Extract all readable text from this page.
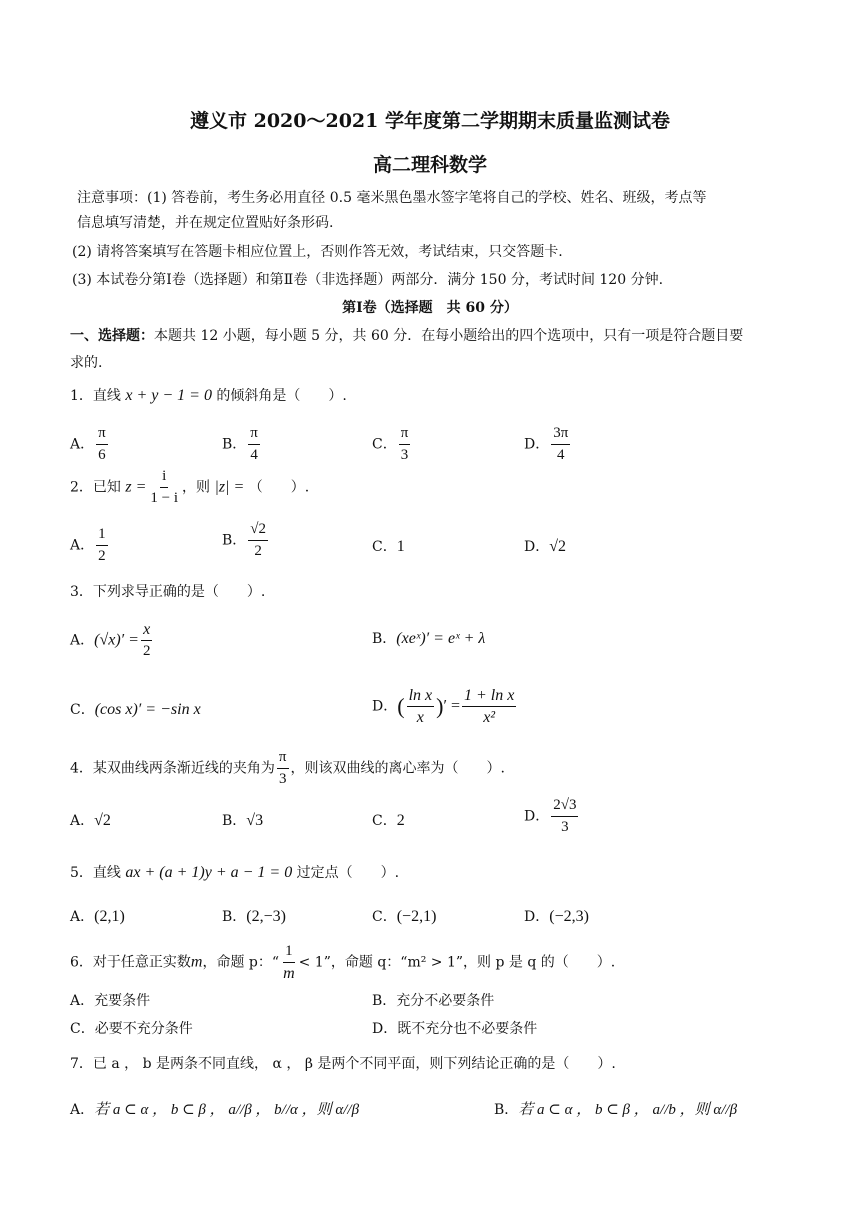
遵义市 2020～2021 学年度第二学期期末质量监测试卷
高二理科数学
注意事项：(1) 答卷前，考生务必用直径 0.5 毫米黑色墨水签字笔将自己的学校、姓名、班级，考点等
信息填写清楚，并在规定位置贴好条形码.
(2) 请将答案填写在答题卡相应位置上，否则作答无效，考试结束，只交答题卡.
(3) 本试卷分第Ⅰ卷（选择题）和第Ⅱ卷（非选择题）两部分．满分 150 分，考试时间 120 分钟.
第Ⅰ卷（选择题　共 60 分）
一、选择题：本题共 12 小题，每小题 5 分，共 60 分．在每小题给出的四个选项中，只有一项是符合题目要
求的.
1．直线 x + y − 1 = 0 的倾斜角是（　　）.
A． $\frac{\pi}{6}$	B． $\frac{\pi}{4}$	C． $\frac{\pi}{3}$	D． $\frac{3\pi}{4}$
2．已知 $z = \frac{i}{1 - i}$ ，则 |z| = （　　）.
A． $\frac{1}{2}$	B． $\frac{√2}{2}$	C．1	D．√2
3．下列求导正确的是（　　）.
A．$(√x)' = \frac{x}{2}$	B．(xeˣ)′ = eˣ + λ
C．(cos x)′ = −sin x	D．( $\frac{\text{ln x}}{x}$ )′ = $\frac{\text{1 + ln x}}{\text{x²}}$
4．某双曲线两条渐近线的夹角为 $\frac{\pi}{3}$ ，则该双曲线的离心率为（　　）.
A．√2	B．√3	C．2	D． $\frac{2√3}{3}$
5．直线 ax + (a + 1)y + a − 1 = 0 过定点（　　）.
A．(2,1)	B．(2,−3)	C．(−2,1)	D．(−2,3)
6．对于任意正实数m，命题 p：“ $\frac{1}{m} < 1$”，命题 q：“m² > 1”，则 p 是 q 的（　　）.
A．充要条件	B．充分不必要条件
C．必要不充分条件	D．既不充分也不必要条件
7．已 a ， b 是两条不同直线， α ， β 是两个不同平面，则下列结论正确的是（　　）.
A．若 a ⊂ α ， b ⊂ β ， a//β ， b//α ，则 α//β	B．若 a ⊂ α ， b ⊂ β ， a//b ，则 α//β
